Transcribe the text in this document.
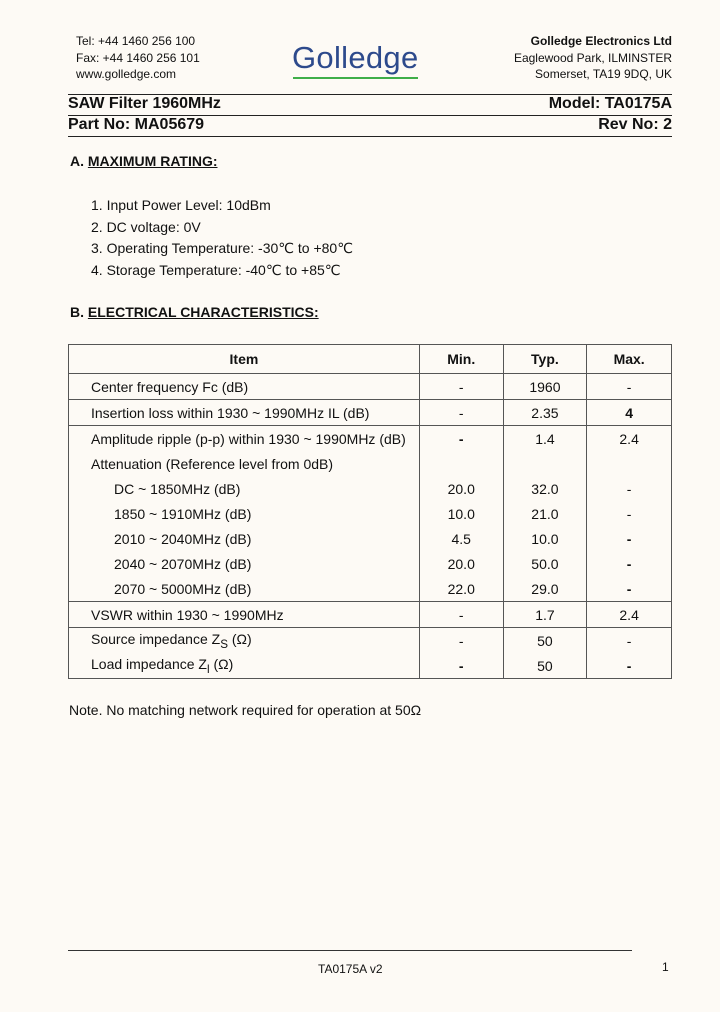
Tel: +44 1460 256 100
Fax: +44 1460 256 101
www.golledge.com	Golledge	Golledge Electronics Ltd
Eaglewood Park, ILMINSTER
Somerset, TA19 9DQ, UK
SAW Filter 1960MHz	Model: TA0175A
Part No: MA05679	Rev No: 2
A. MAXIMUM RATING:
1. Input Power Level: 10dBm
2. DC voltage: 0V
3. Operating Temperature: -30℃ to +80℃
4. Storage Temperature: -40℃ to +85℃
B. ELECTRICAL CHARACTERISTICS:
Item	Min.	Typ.	Max.
Center frequency Fc (dB)	-	1960	-
Insertion loss within 1930 ~ 1990MHz IL (dB)	-	2.35	4
Amplitude ripple (p-p) within 1930 ~ 1990MHz (dB)	-	1.4	2.4
Attenuation (Reference level from 0dB)			
DC ~ 1850MHz (dB)	20.0	32.0	-
1850 ~ 1910MHz (dB)	10.0	21.0	-
2010 ~ 2040MHz (dB)	4.5	10.0	-
2040 ~ 2070MHz (dB)	20.0	50.0	-
2070 ~ 5000MHz (dB)	22.0	29.0	-
VSWR within 1930 ~ 1990MHz	-	1.7	2.4
Source impedance $Z_S$ (Ω)	-	50	-
Load impedance $Z_l$ (Ω)	-	50	-
Note. No matching network required for operation at 50Ω
TA0175A v2	1
